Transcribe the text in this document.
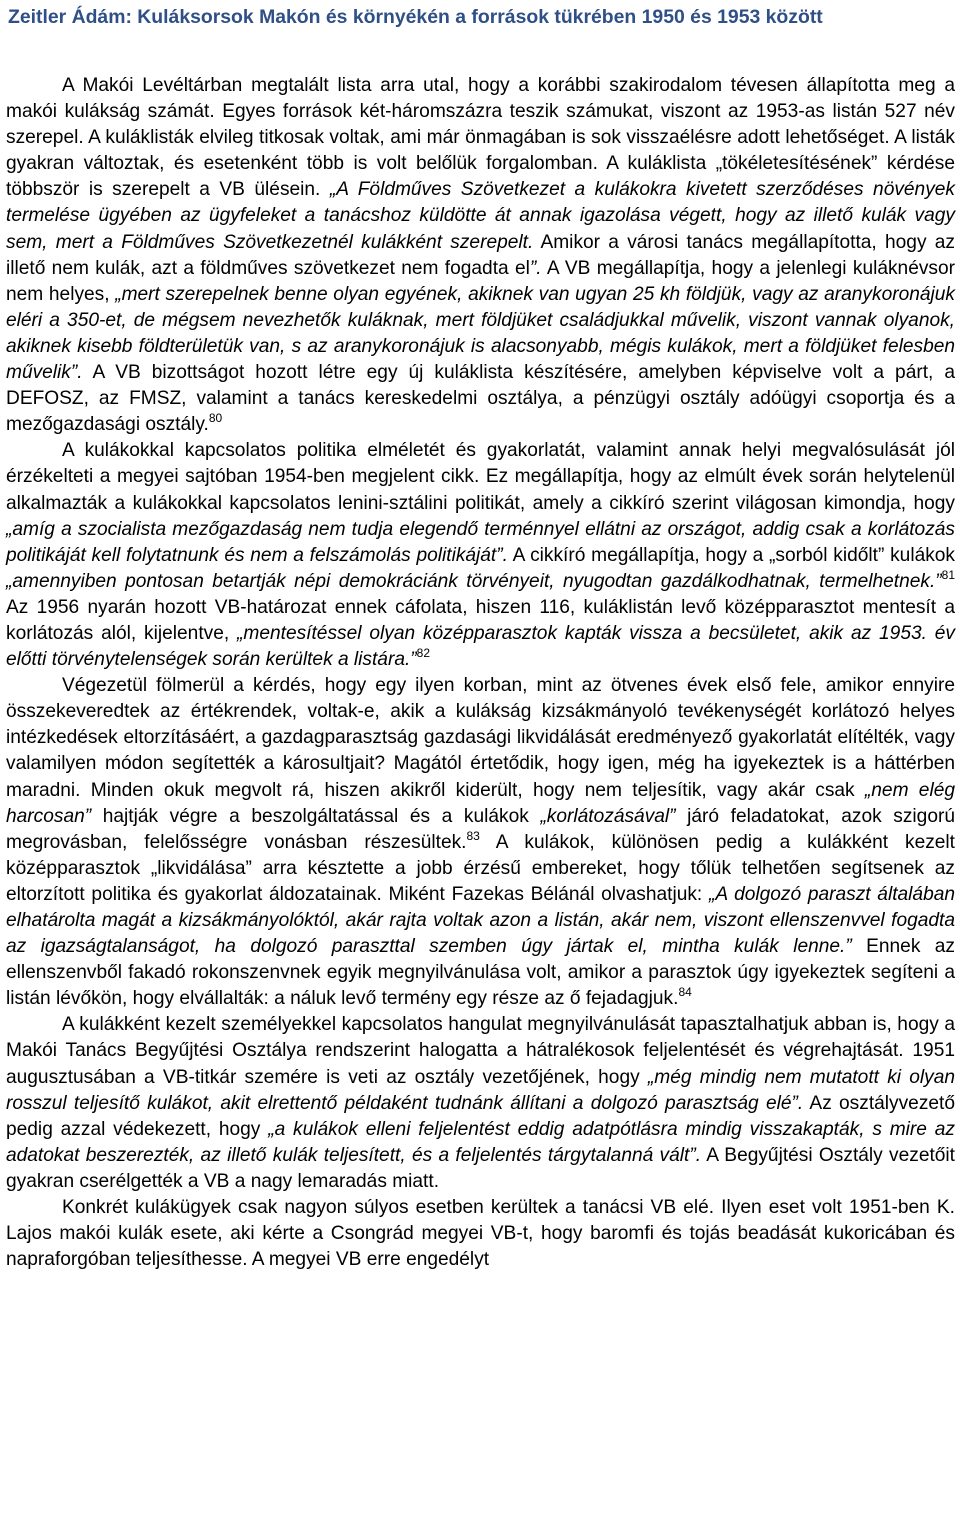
Zeitler Ádám: Kuláksorsok Makón és környékén a források tükrében 1950 és 1953 között

A Makói Levéltárban megtalált lista arra utal, hogy a korábbi szakirodalom tévesen állapította meg a makói kulákság számát. Egyes források két-háromszázra teszik számukat, viszont az 1953-as listán 527 név szerepel. A kuláklisták elvileg titkosak voltak, ami már önmagában is sok visszaélésre adott lehetőséget. A listák gyakran változtak, és esetenként több is volt belőlük forgalomban. A kuláklista „tökéletesítésének” kérdése többször is szerepelt a VB ülésein. „A Földműves Szövetkezet a kulákokra kivetett szerződéses növények termelése ügyében az ügyfeleket a tanácshoz küldötte át annak igazolása végett, hogy az illető kulák vagy sem, mert a Földműves Szövetkezetnél kulákként szerepelt. Amikor a városi tanács megállapította, hogy az illető nem kulák, azt a földműves szövetkezet nem fogadta el”. A VB megállapítja, hogy a jelenlegi kuláknévsor nem helyes, „mert szerepelnek benne olyan egyének, akiknek van ugyan 25 kh földjük, vagy az aranykoronájuk eléri a 350-et, de mégsem nevezhetők kuláknak, mert földjüket családjukkal művelik, viszont vannak olyanok, akiknek kisebb földterületük van, s az aranykoronájuk is alacsonyabb, mégis kulákok, mert a földjüket felesben művelik”. A VB bizottságot hozott létre egy új kuláklista készítésére, amelyben képviselve volt a párt, a DEFOSZ, az FMSZ, valamint a tanács kereskedelmi osztálya, a pénzügyi osztály adóügyi csoportja és a mezőgazdasági osztály.$^{80}$

A kulákokkal kapcsolatos politika elméletét és gyakorlatát, valamint annak helyi megvalósulását jól érzékelteti a megyei sajtóban 1954-ben megjelent cikk. Ez megállapítja, hogy az elmúlt évek során helytelenül alkalmazták a kulákokkal kapcsolatos lenini-sztálini politikát, amely a cikkíró szerint világosan kimondja, hogy „amíg a szocialista mezőgazdaság nem tudja elegendő terménnyel ellátni az országot, addig csak a korlátozás politikáját kell folytatnunk és nem a felszámolás politikáját”. A cikkíró megállapítja, hogy a „sorból kidőlt” kulákok „amennyiben pontosan betartják népi demokráciánk törvényeit, nyugodtan gazdálkodhatnak, termelhetnek.”$^{81}$ Az 1956 nyarán hozott VB-határozat ennek cáfolata, hiszen 116, kuláklistán levő középparasztot mentesít a korlátozás alól, kijelentve, „mentesítéssel olyan középparasztok kapták vissza a becsületet, akik az 1953. év előtti törvénytelenségek során kerültek a listára.”$^{82}$

Végezetül fölmerül a kérdés, hogy egy ilyen korban, mint az ötvenes évek első fele, amikor ennyire összekeveredtek az értékrendek, voltak-e, akik a kulákság kizsákmányoló tevékenységét korlátozó helyes intézkedések eltorzításáért, a gazdagparasztság gazdasági likvidálását eredményező gyakorlatát elítélték, vagy valamilyen módon segítették a károsultjait? Magától értetődik, hogy igen, még ha igyekeztek is a háttérben maradni. Minden okuk megvolt rá, hiszen akikről kiderült, hogy nem teljesítik, vagy akár csak „nem elég harcosan” hajtják végre a beszolgáltatással és a kulákok „korlátozásával” járó feladatokat, azok szigorú megrovásban, felelősségre vonásban részesültek.$^{83}$ A kulákok, különösen pedig a kulákként kezelt középparasztok „likvidálása” arra késztette a jobb érzésű embereket, hogy tőlük telhetően segítsenek az eltorzított politika és gyakorlat áldozatainak. Miként Fazekas Bélánál olvashatjuk: „A dolgozó paraszt általában elhatárolta magát a kizsákmányolóktól, akár rajta voltak azon a listán, akár nem, viszont ellenszenvvel fogadta az igazságtalanságot, ha dolgozó paraszttal szemben úgy jártak el, mintha kulák lenne.” Ennek az ellenszenvből fakadó rokonszenvnek egyik megnyilvánulása volt, amikor a parasztok úgy igyekeztek segíteni a listán lévőkön, hogy elvállalták: a náluk levő termény egy része az ő fejadagjuk.$^{84}$

A kulákként kezelt személyekkel kapcsolatos hangulat megnyilvánulását tapasztalhatjuk abban is, hogy a Makói Tanács Begyűjtési Osztálya rendszerint halogatta a hátralékosok feljelentését és végrehajtását. 1951 augusztusában a VB-titkár szemére is veti az osztály vezetőjének, hogy „még mindig nem mutatott ki olyan rosszul teljesítő kulákot, akit elrettentő példaként tudnánk állítani a dolgozó parasztság elé”. Az osztályvezető pedig azzal védekezett, hogy „a kulákok elleni feljelentést eddig adatpótlásra mindig visszakapták, s mire az adatokat beszerezték, az illető kulák teljesített, és a feljelentés tárgytalanná vált”. A Begyűjtési Osztály vezetőit gyakran cserélgették a VB a nagy lemaradás miatt.

Konkrét kulákügyek csak nagyon súlyos esetben kerültek a tanácsi VB elé. Ilyen eset volt 1951-ben K. Lajos makói kulák esete, aki kérte a Csongrád megyei VB-t, hogy baromfi és tojás beadását kukoricában és napraforgóban teljesíthesse. A megyei VB erre engedélyt
